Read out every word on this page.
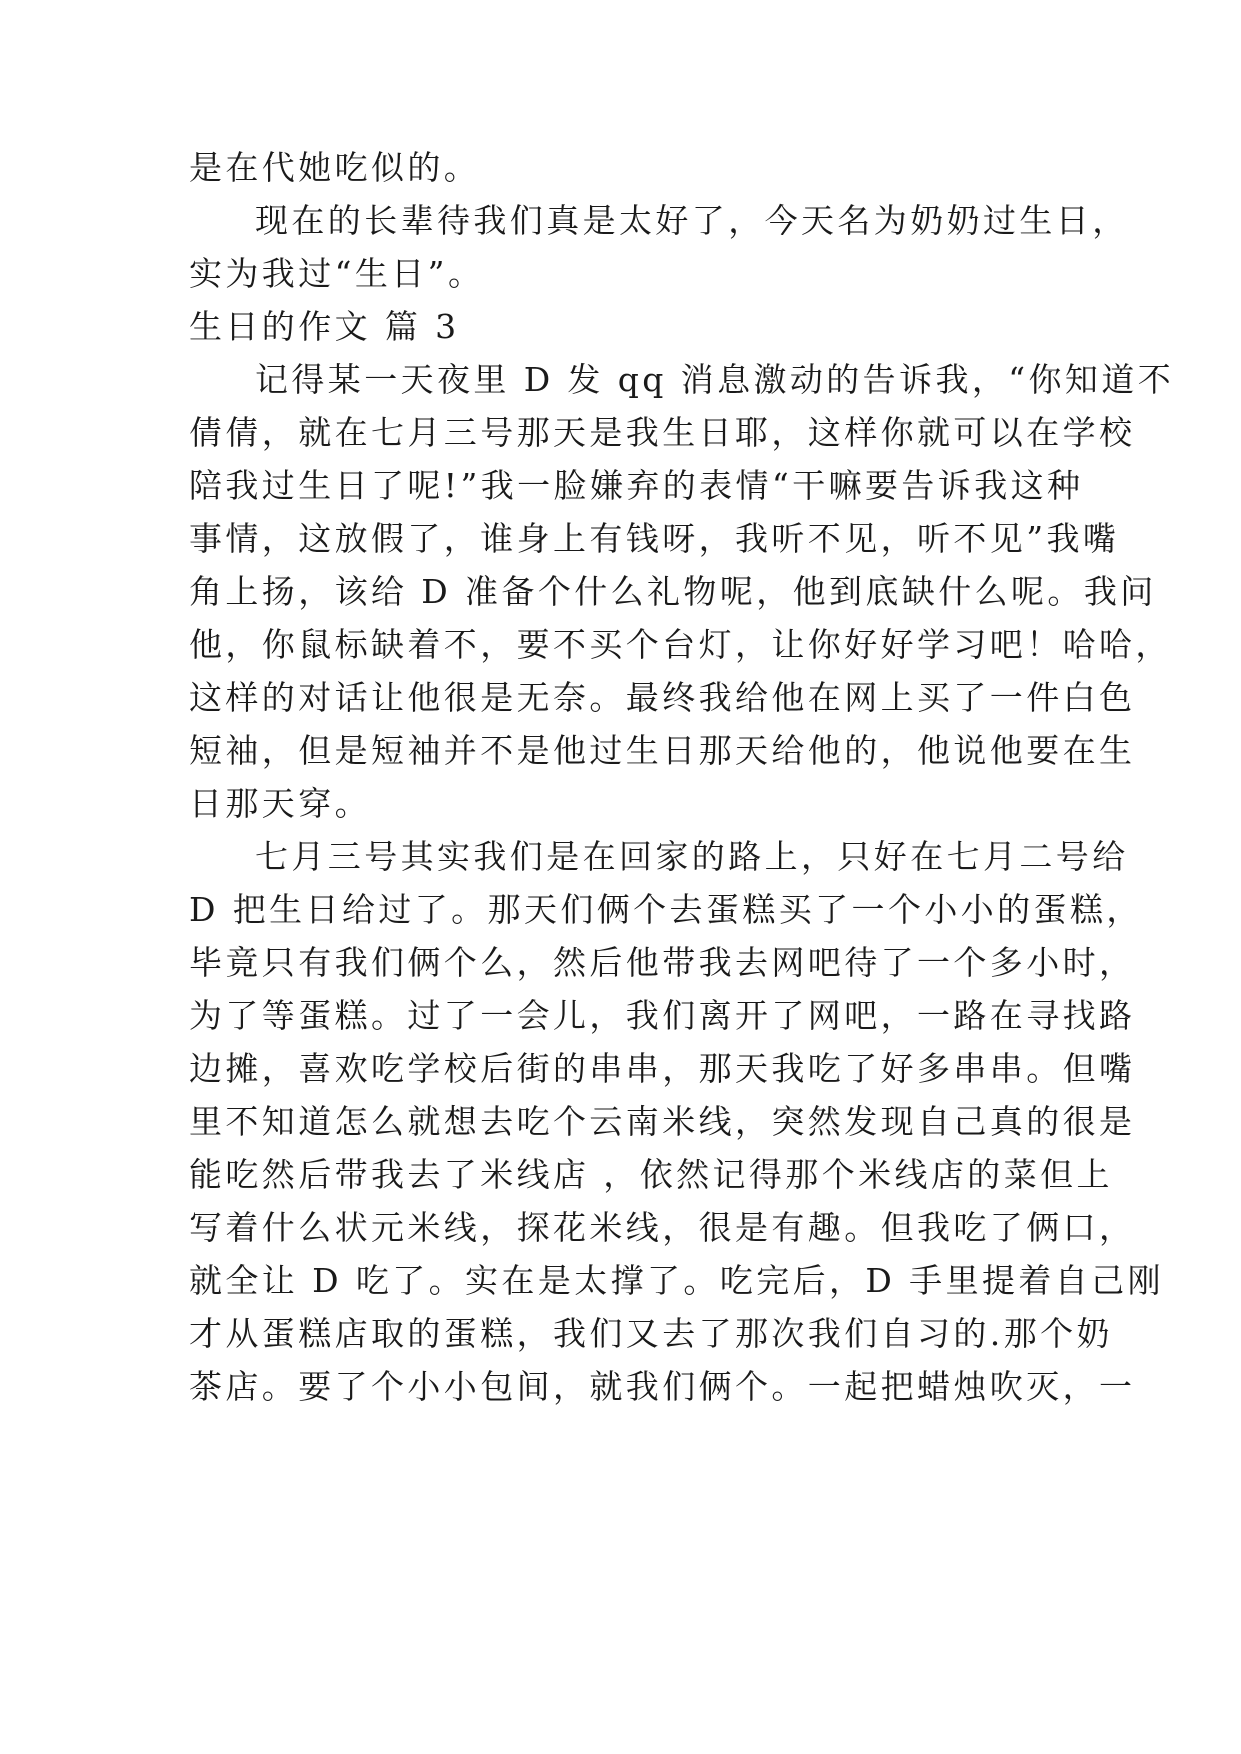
是在代她吃似的。
现在的长辈待我们真是太好了，今天名为奶奶过生日，
实为我过“生日”。
生日的作文 篇 3
记得某一天夜里 D 发 qq 消息激动的告诉我，“你知道不
倩倩，就在七月三号那天是我生日耶，这样你就可以在学校
陪我过生日了呢!”我一脸嫌弃的表情“干嘛要告诉我这种
事情，这放假了，谁身上有钱呀，我听不见，听不见”我嘴
角上扬，该给 D 准备个什么礼物呢，他到底缺什么呢。我问
他，你鼠标缺着不，要不买个台灯，让你好好学习吧！哈哈，
这样的对话让他很是无奈。最终我给他在网上买了一件白色
短袖，但是短袖并不是他过生日那天给他的，他说他要在生
日那天穿。
七月三号其实我们是在回家的路上，只好在七月二号给
D 把生日给过了。那天们俩个去蛋糕买了一个小小的蛋糕，
毕竟只有我们俩个么，然后他带我去网吧待了一个多小时，
为了等蛋糕。过了一会儿，我们离开了网吧，一路在寻找路
边摊，喜欢吃学校后街的串串，那天我吃了好多串串。但嘴
里不知道怎么就想去吃个云南米线，突然发现自己真的很是
能吃然后带我去了米线店 ，依然记得那个米线店的菜但上
写着什么状元米线，探花米线，很是有趣。但我吃了俩口，
就全让 D 吃了。实在是太撑了。吃完后，D 手里提着自己刚
才从蛋糕店取的蛋糕，我们又去了那次我们自习的.那个奶
茶店。要了个小小包间，就我们俩个。一起把蜡烛吹灭，一
